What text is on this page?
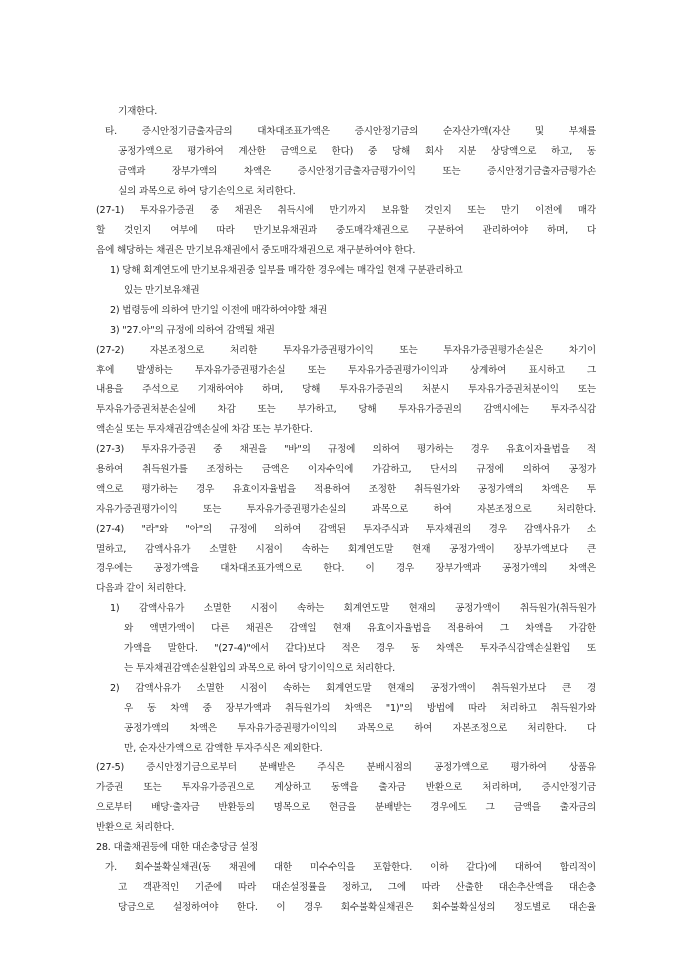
기재한다.
타. 증시안정기금출자금의 대차대조표가액은 증시안정기금의 순자산가액(자산 및 부채를
공정가액으로 평가하여 계산한 금액으로 한다) 중 당해 회사 지분 상당액으로 하고, 동
금액과 장부가액의 차액은 증시안정기금출자금평가이익 또는 증시안정기금출자금평가손
실의 과목으로 하여 당기손익으로 처리한다.
(27-1) 투자유가증권 중 채권은 취득시에 만기까지 보유할 것인지 또는 만기 이전에 매각
할 것인지 여부에 따라 만기보유채권과 중도매각채권으로 구분하여 관리하여야 하며, 다
음에 해당하는 채권은 만기보유채권에서 중도매각채권으로 재구분하여야 한다.
1) 당해 회계연도에 만기보유채권중 일부를 매각한 경우에는 매각일 현재 구분관리하고
있는 만기보유채권
2) 법령등에 의하여 만기일 이전에 매각하여야할 채권
3) "27.아"의 규정에 의하여 감액될 채권
(27-2) 자본조정으로 처리한 투자유가증권평가이익 또는 투자유가증권평가손실은 차기이
후에 발생하는 투자유가증권평가손실 또는 투자유가증권평가이익과 상계하여 표시하고 그
내용을 주석으로 기재하여야 하며, 당해 투자유가증권의 처분시 투자유가증권처분이익 또는
투자유가증권처분손실에 차감 또는 부가하고, 당해 투자유가증권의 감액시에는 투자주식감
액손실 또는 투자채권감액손실에 차감 또는 부가한다.
(27-3) 투자유가증권 중 채권을 "바"의 규정에 의하여 평가하는 경우 유효이자율법을 적
용하여 취득원가를 조정하는 금액은 이자수익에 가감하고, 단서의 규정에 의하여 공정가
액으로 평가하는 경우 유효이자율법을 적용하여 조정한 취득원가와 공정가액의 차액은 투
자유가증권평가이익 또는 투자유가증권평가손실의 과목으로 하여 자본조정으로 처리한다.
(27-4) "라"와 "아"의 규정에 의하여 감액된 투자주식과 투자채권의 경우 감액사유가 소
멸하고, 감액사유가 소멸한 시점이 속하는 회계연도말 현재 공정가액이 장부가액보다 큰
경우에는 공정가액을 대차대조표가액으로 한다. 이 경우 장부가액과 공정가액의 차액은
다음과 같이 처리한다.
1) 감액사유가 소멸한 시점이 속하는 회계연도말 현재의 공정가액이 취득원가(취득원가
와 액면가액이 다른 채권은 감액일 현재 유효이자율법을 적용하여 그 차액을 가감한
가액을 말한다. "(27-4)"에서 같다)보다 적은 경우 동 차액은 투자주식감액손실환입 또
는 투자채권감액손실환입의 과목으로 하여 당기이익으로 처리한다.
2) 감액사유가 소멸한 시점이 속하는 회계연도말 현재의 공정가액이 취득원가보다 큰 경
우 동 차액 중 장부가액과 취득원가의 차액은 "1)"의 방법에 따라 처리하고 취득원가와
공정가액의 차액은 투자유가증권평가이익의 과목으로 하여 자본조정으로 처리한다. 다
만, 순자산가액으로 감액한 투자주식은 제외한다.
(27-5) 증시안정기금으로부터 분배받은 주식은 분배시점의 공정가액으로 평가하여 상품유
가증권 또는 투자유가증권으로 계상하고 동액을 출자금 반환으로 처리하며, 증시안정기금
으로부터 배당·출자금 반환등의 명목으로 현금을 분배받는 경우에도 그 금액을 출자금의
반환으로 처리한다.
28. 대출채권등에 대한 대손충당금 설정
가. 회수불확실채권(동 채권에 대한 미수수익을 포함한다. 이하 같다)에 대하여 합리적이
고 객관적인 기준에 따라 대손설정률을 정하고, 그에 따라 산출한 대손추산액을 대손충
당금으로 설정하여야 한다. 이 경우 회수불확실채권은 회수불확실성의 정도별로 대손율
